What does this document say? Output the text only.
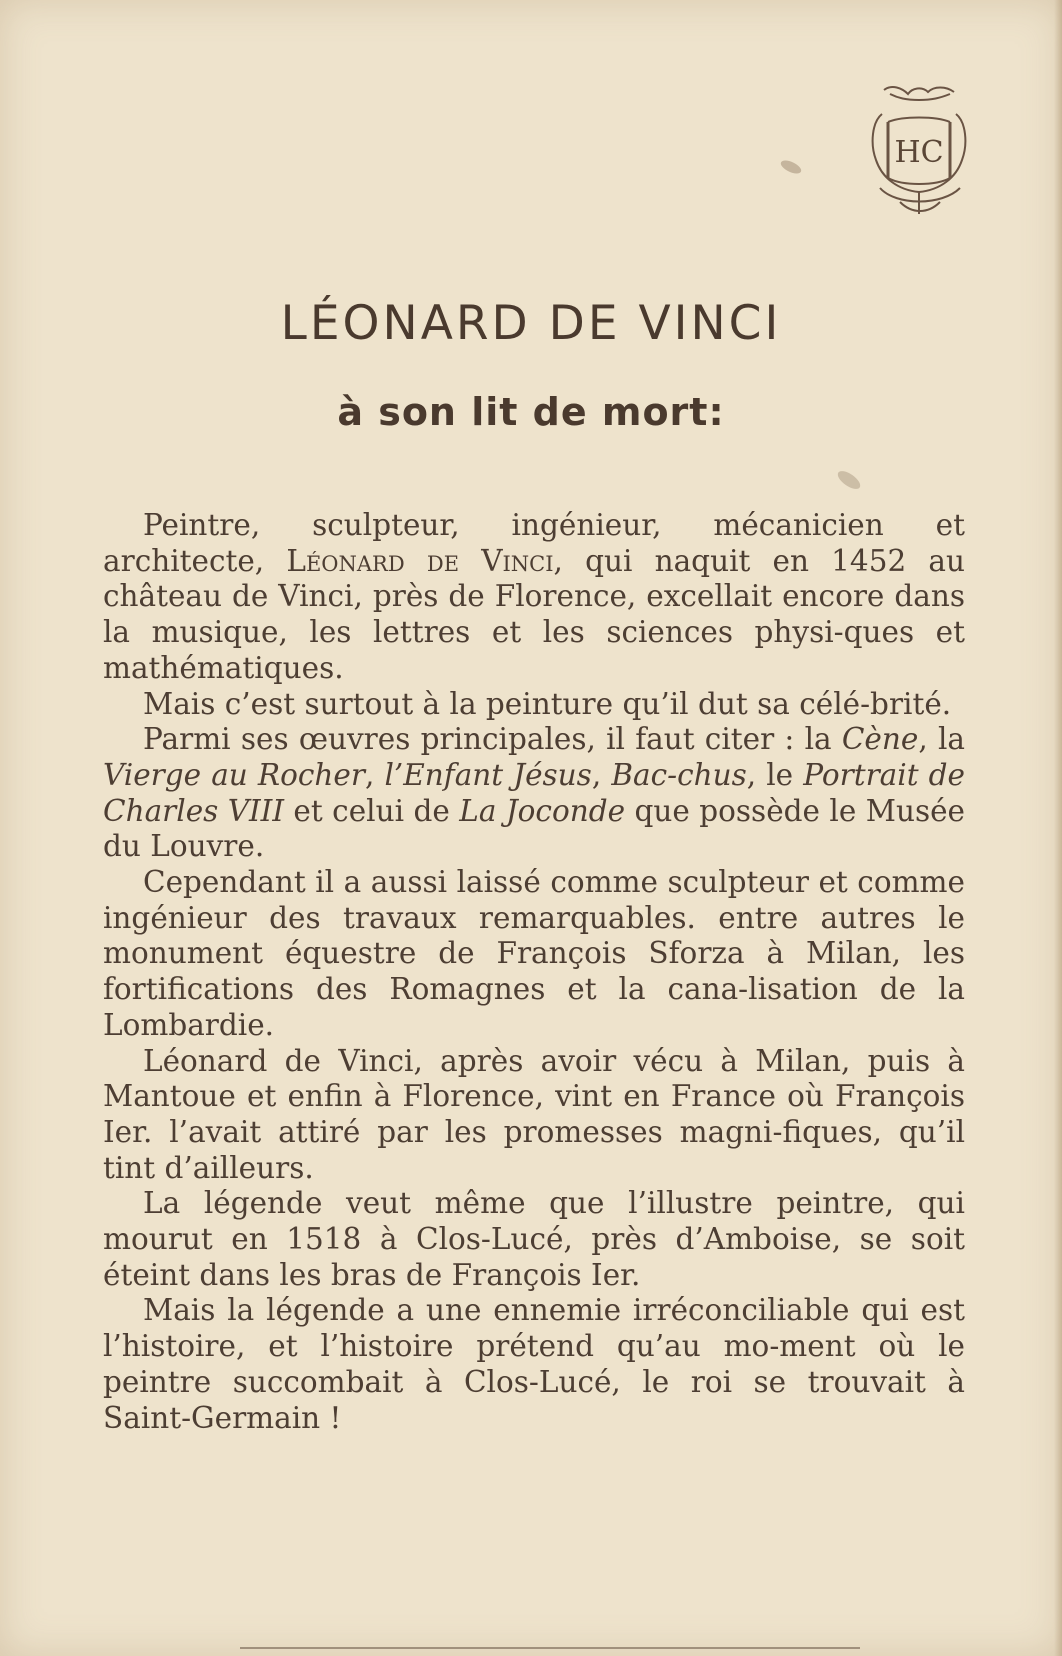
HC
LÉONARD DE VINCI
à son lit de mort:

Peintre, sculpteur, ingénieur, mécanicien et architecte, Léonard de Vinci, qui naquit en 1452 au château de Vinci, près de Florence, excellait encore dans la musique, les lettres et les sciences physi-ques et mathématiques.

Mais c’est surtout à la peinture qu’il dut sa célé-brité.

Parmi ses œuvres principales, il faut citer : la Cène, la Vierge au Rocher, l’Enfant Jésus, Bac-chus, le Portrait de Charles VIII et celui de La Joconde que possède le Musée du Louvre.

Cependant il a aussi laissé comme sculpteur et comme ingénieur des travaux remarquables. entre autres le monument équestre de François Sforza à Milan, les fortifications des Romagnes et la cana-lisation de la Lombardie.

Léonard de Vinci, après avoir vécu à Milan, puis à Mantoue et enfin à Florence, vint en France où François Ier. l’avait attiré par les promesses magni-fiques, qu’il tint d’ailleurs.

La légende veut même que l’illustre peintre, qui mourut en 1518 à Clos-Lucé, près d’Amboise, se soit éteint dans les bras de François Ier.

Mais la légende a une ennemie irréconciliable qui est l’histoire, et l’histoire prétend qu’au mo-ment où le peintre succombait à Clos-Lucé, le roi se trouvait à Saint-Germain !
